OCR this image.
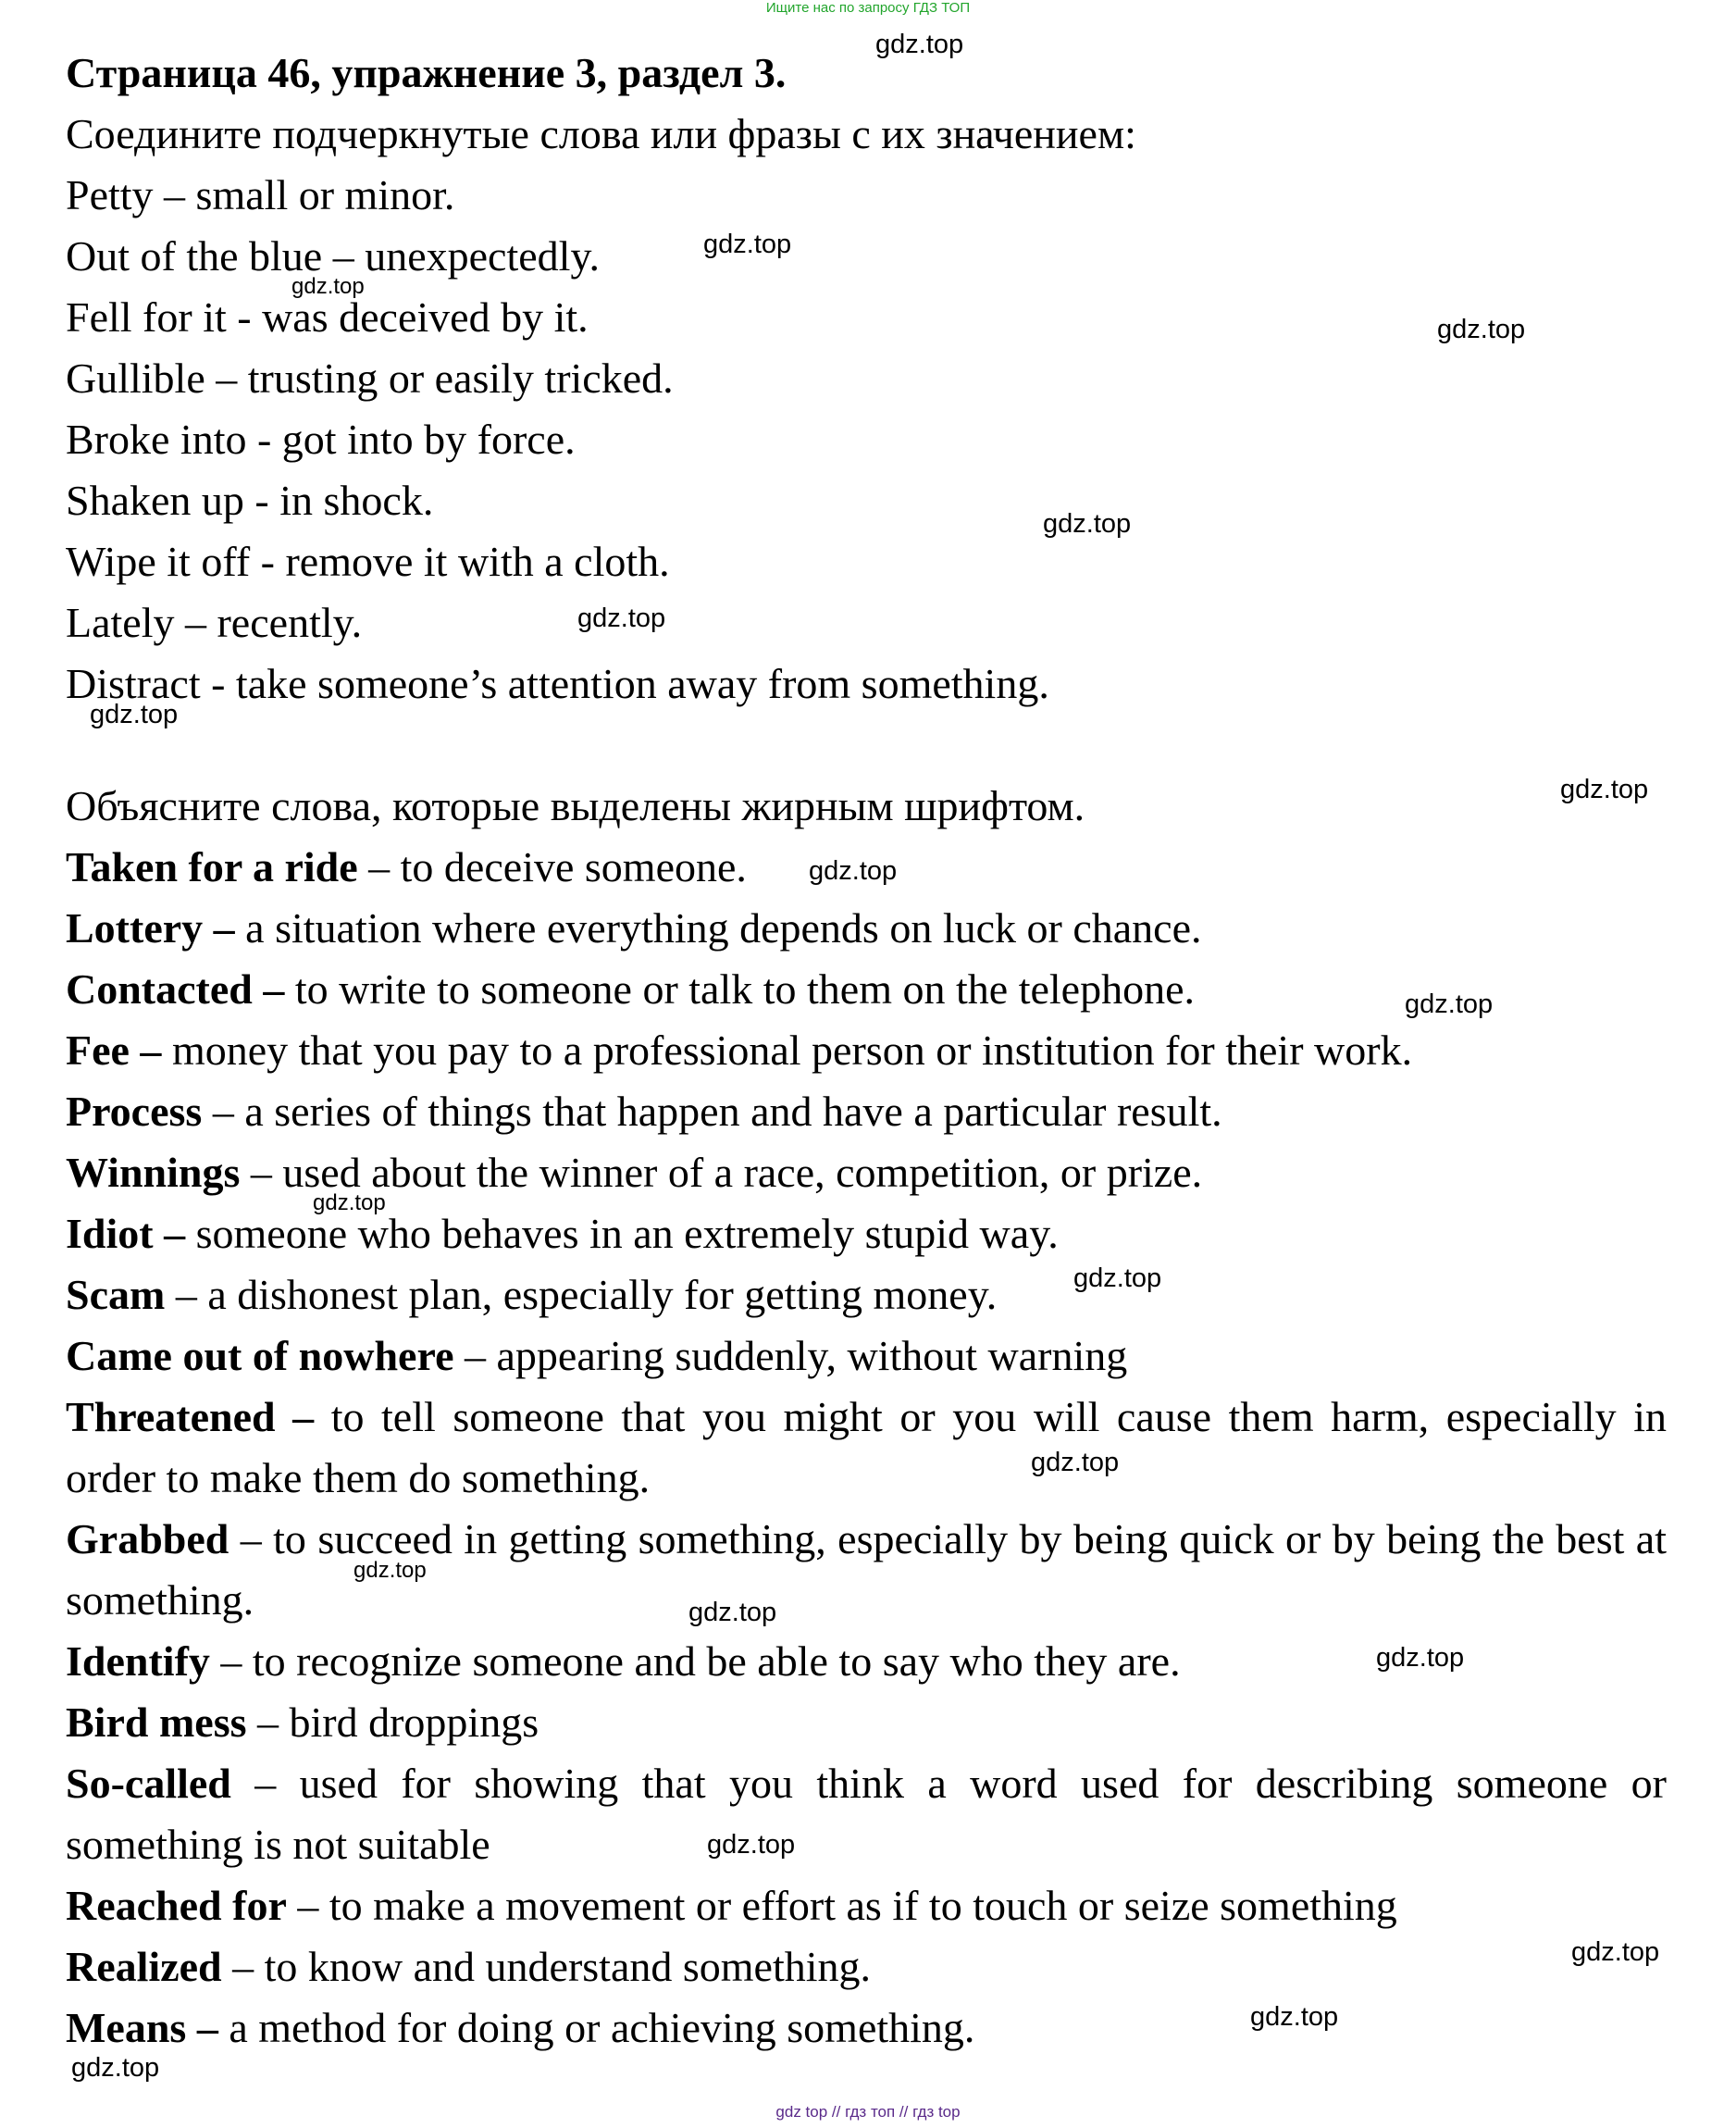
Ищите нас по запросу ГДЗ ТОП

Страница 46, упражнение 3, раздел 3.

Соедините подчеркнутые слова или фразы с их значением:

Petty – small or minor.

Out of the blue – unexpectedly.

Fell for it - was deceived by it.

Gullible – trusting or easily tricked.

Broke into - got into by force.

Shaken up - in shock.

Wipe it off - remove it with a cloth.

Lately – recently.

Distract - take someone’s attention away from something.

Объясните слова, которые выделены жирным шрифтом.

Taken for a ride – to deceive someone.

Lottery – a situation where everything depends on luck or chance.

Contacted – to write to someone or talk to them on the telephone.

Fee – money that you pay to a professional person or institution for their work.

Process – a series of things that happen and have a particular result.

Winnings – used about the winner of a race, competition, or prize.

Idiot – someone who behaves in an extremely stupid way.

Scam – a dishonest plan, especially for getting money.

Came out of nowhere – appearing suddenly, without warning

Threatened – to tell someone that you might or you will cause them harm, especially in order to make them do something.

Grabbed – to succeed in getting something, especially by being quick or by being the best at something.

Identify – to recognize someone and be able to say who they are.

Bird mess – bird droppings

So-called – used for showing that you think a word used for describing someone or something is not suitable

Reached for – to make a movement or effort as if to touch or seize something

Realized – to know and understand something.

Means – a method for doing or achieving something.

gdz.top
gdz.top
gdz.top
gdz.top
gdz.top
gdz.top
gdz.top
gdz.top
gdz.top
gdz.top
gdz.top
gdz.top
gdz.top
gdz.top
gdz.top
gdz.top
gdz.top
gdz.top
gdz.top
gdz.top
gdz top // гдз топ // гдз top
